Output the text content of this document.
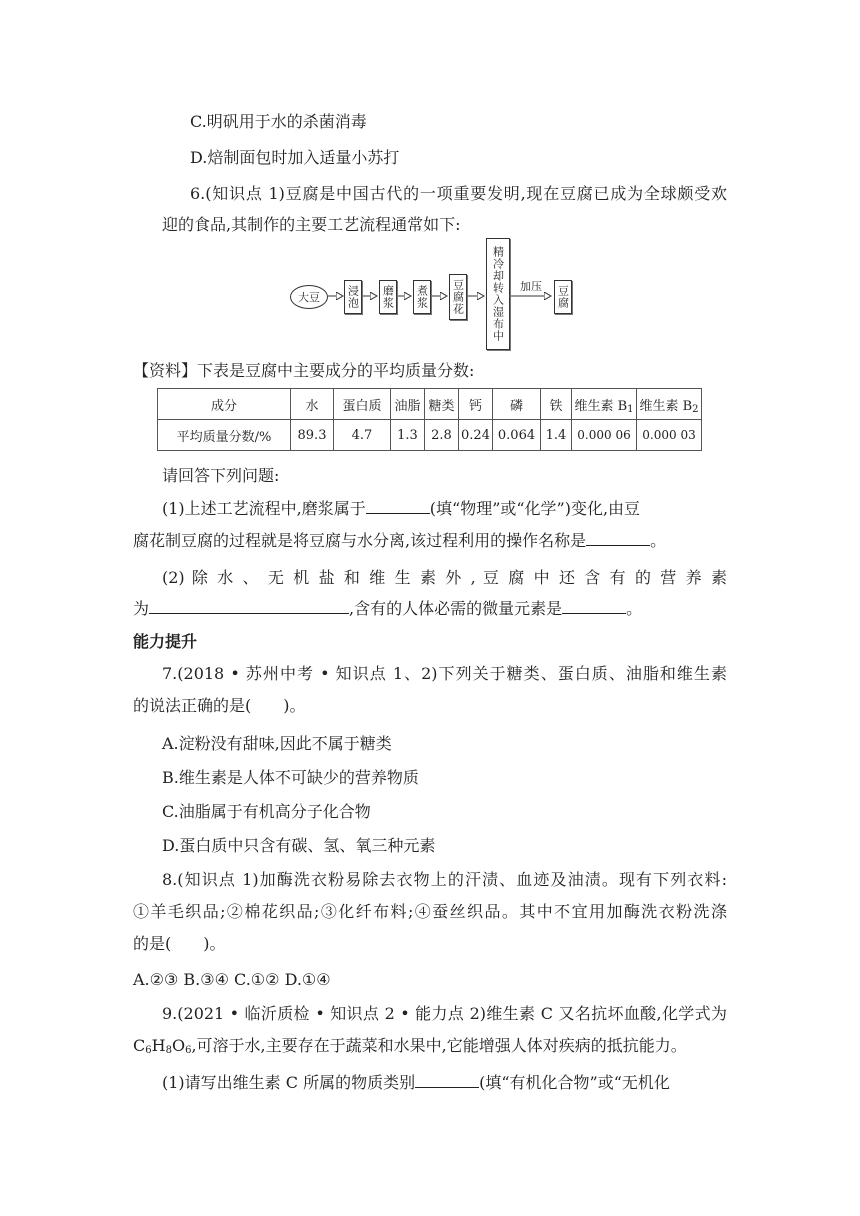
C.明矾用于水的杀菌消毒
D.焙制面包时加入适量小苏打
6.(知识点 1)豆腐是中国古代的一项重要发明,现在豆腐已成为全球颇受欢
迎的食品,其制作的主要工艺流程通常如下:
大豆	浸泡 磨浆 煮浆 豆腐花	精冷却转入湿布中	加压 豆腐
【资料】下表是豆腐中主要成分的平均质量分数:
成分	水	蛋白质	油脂	糖类	钙	磷	铁	维生素 $B_1$	维生素 $B_2$
平均质量分数/%	89.3	4.7	1.3	2.8	0.24	0.064	1.4	0.000 06	0.000 03
请回答下列问题:
(1)上述工艺流程中,磨浆属于	(填“物理”或“化学”)变化,由豆
腐花制豆腐的过程就是将豆腐与水分离,该过程利用的操作名称是	。
(2) 除 水 、 无 机 盐 和 维 生 素 外 , 豆 腐 中 还 含 有 的 营 养 素
为	,含有的人体必需的微量元素是	。
能力提升
7.(2018 • 苏州中考 • 知识点 1、2)下列关于糖类、蛋白质、油脂和维生素
的说法正确的是(　　)。
A.淀粉没有甜味,因此不属于糖类
B.维生素是人体不可缺少的营养物质
C.油脂属于有机高分子化合物
D.蛋白质中只含有碳、氢、氧三种元素
8.(知识点 1)加酶洗衣粉易除去衣物上的汗渍、血迹及油渍。现有下列衣料:
①羊毛织品;②棉花织品;③化纤布料;④蚕丝织品。其中不宜用加酶洗衣粉洗涤
的是(　　)。
A.②③ B.③④ C.①② D.①④
9.(2021 • 临沂质检 • 知识点 2 • 能力点 2)维生素 C 又名抗坏血酸,化学式为
$C_6H_8O_6$,可溶于水,主要存在于蔬菜和水果中,它能增强人体对疾病的抵抗能力。
(1)请写出维生素 C 所属的物质类别	(填“有机化合物”或“无机化
